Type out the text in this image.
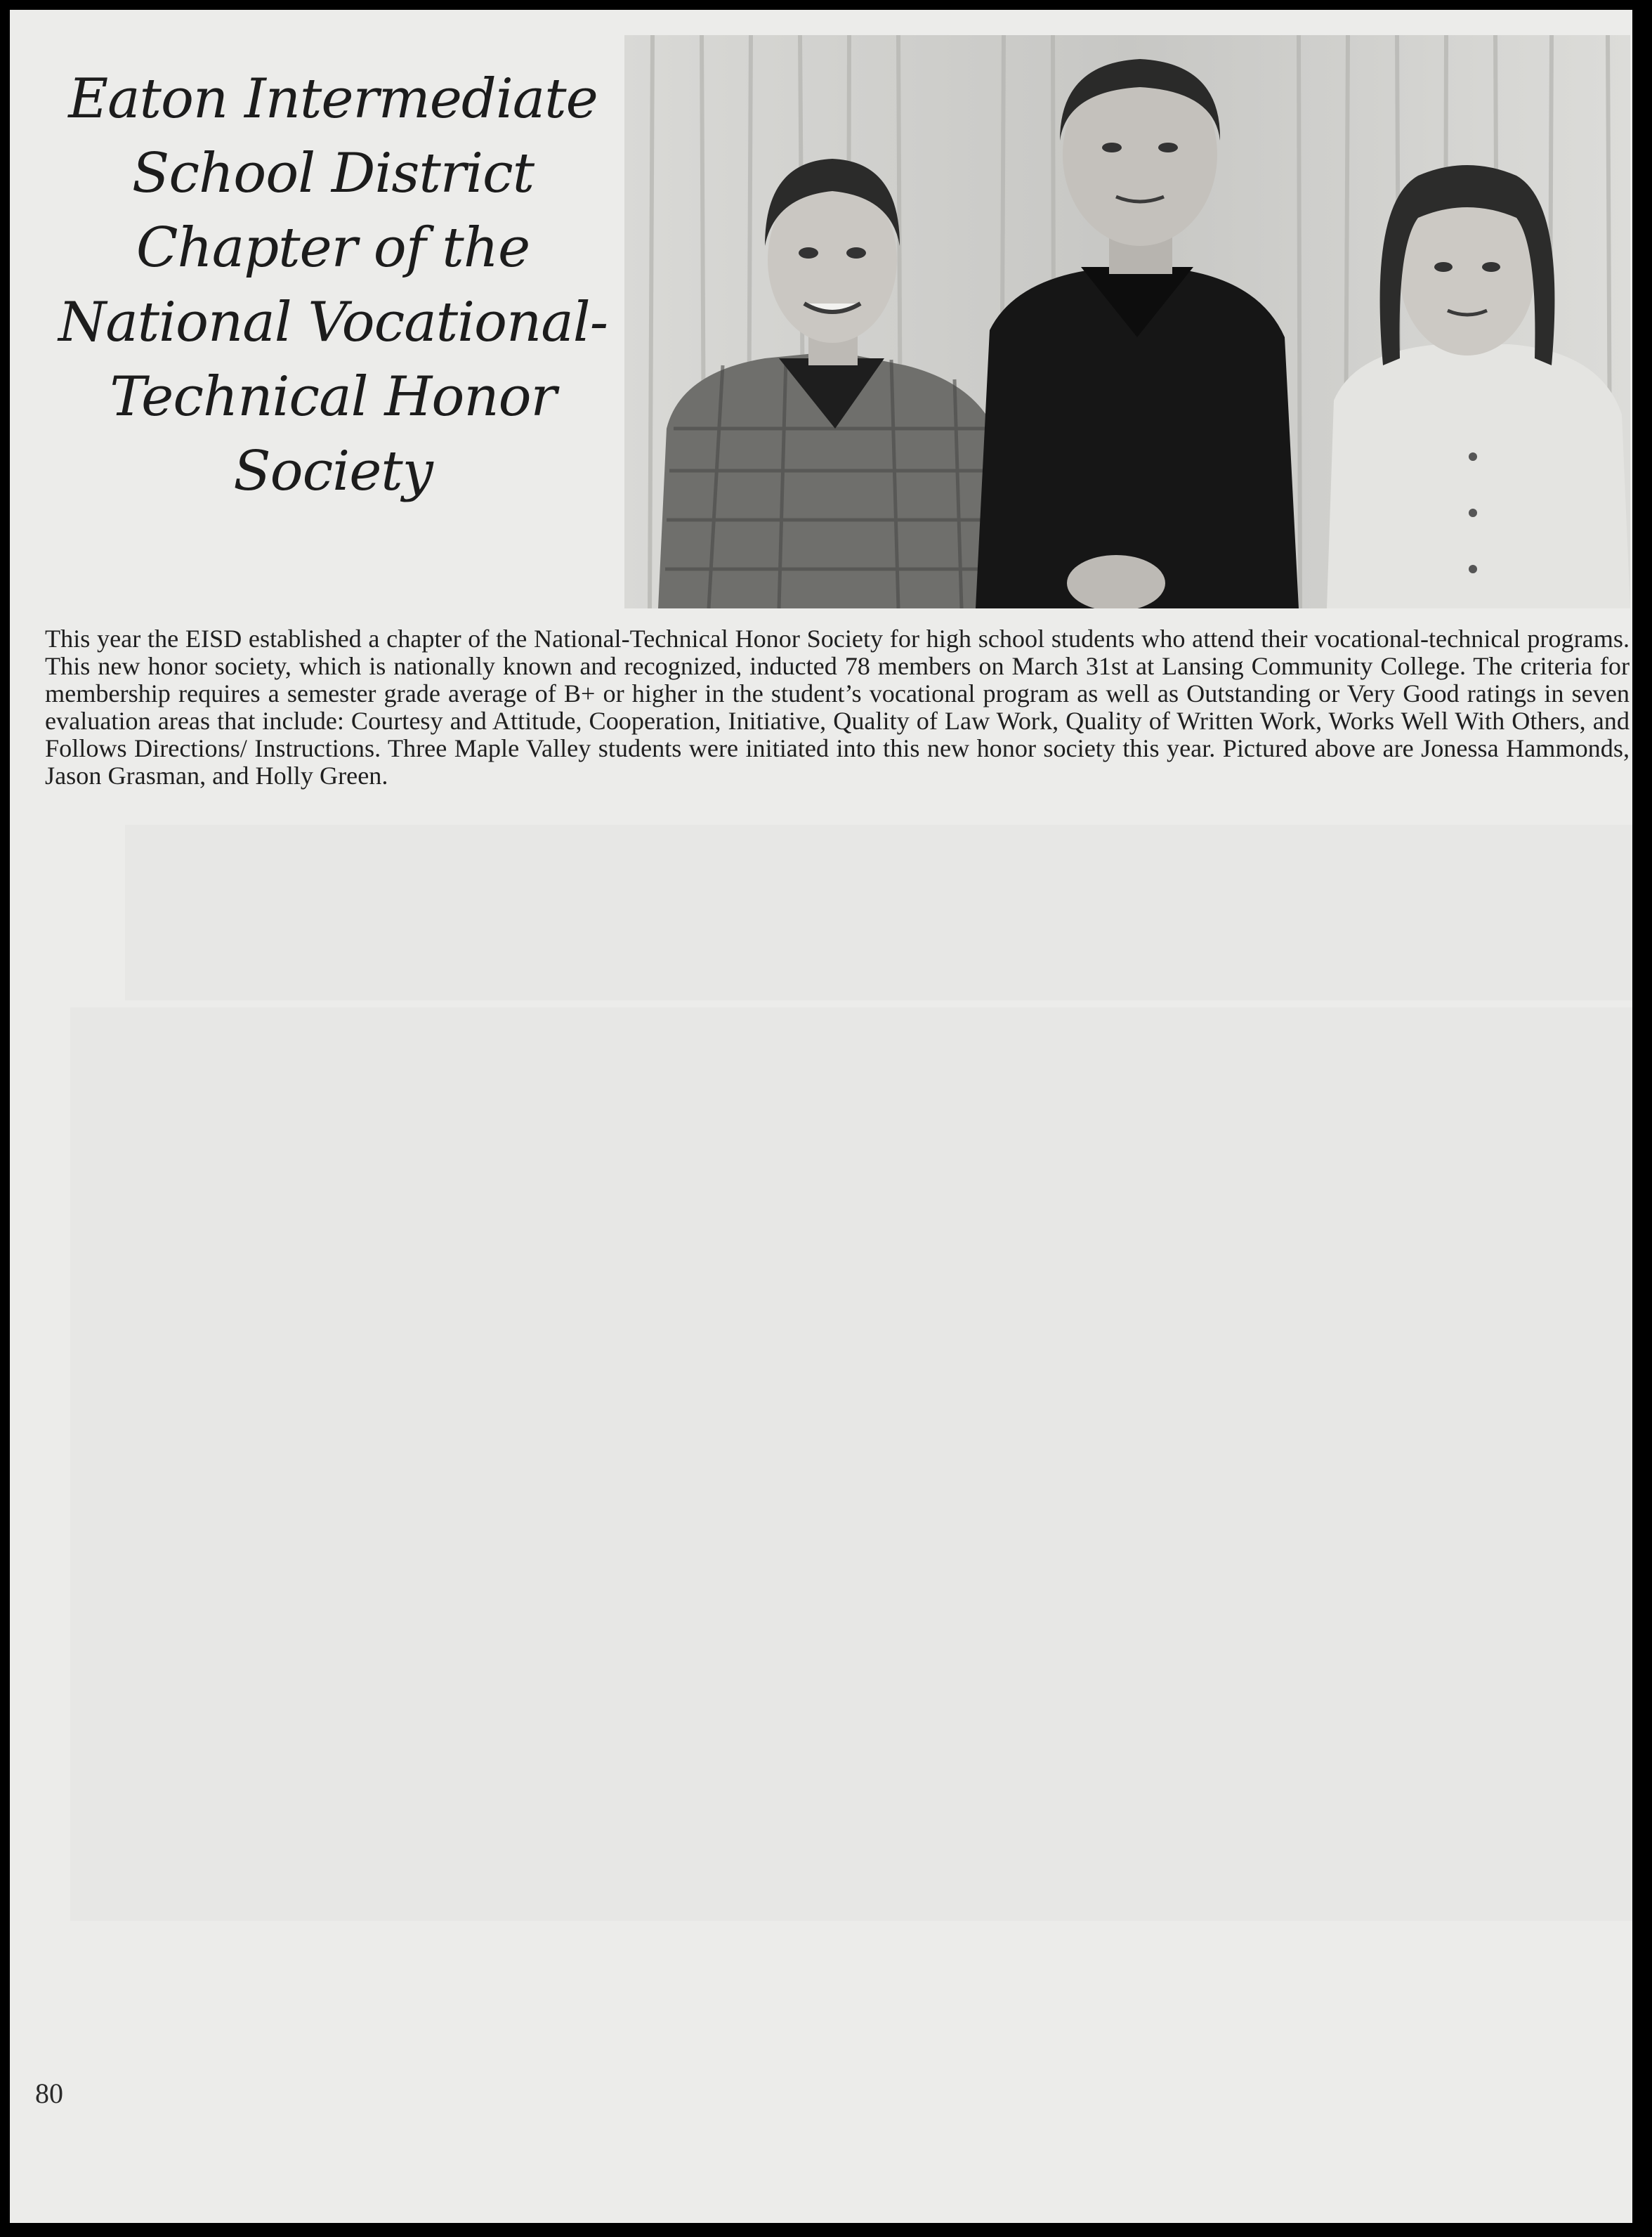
Eaton Intermediate
School District
Chapter of the
National Vocational-
Technical Honor
Society
This year the EISD established a chapter of the National-Technical Honor Society for high school students who attend their vocational-technical programs. This new honor society, which is nationally known and recognized, inducted 78 members on March 31st at Lansing Community College. The criteria for membership requires a semester grade average of B+ or higher in the student’s vocational program as well as Outstanding or Very Good ratings in seven evaluation areas that include: Courtesy and Attitude, Cooperation, Initiative, Quality of Law Work, Quality of Written Work, Works Well With Others, and Follows Directions/ Instructions. Three Maple Valley students were initiated into this new honor society this year. Pictured above are Jonessa Hammonds, Jason Grasman, and Holly Green.
80
